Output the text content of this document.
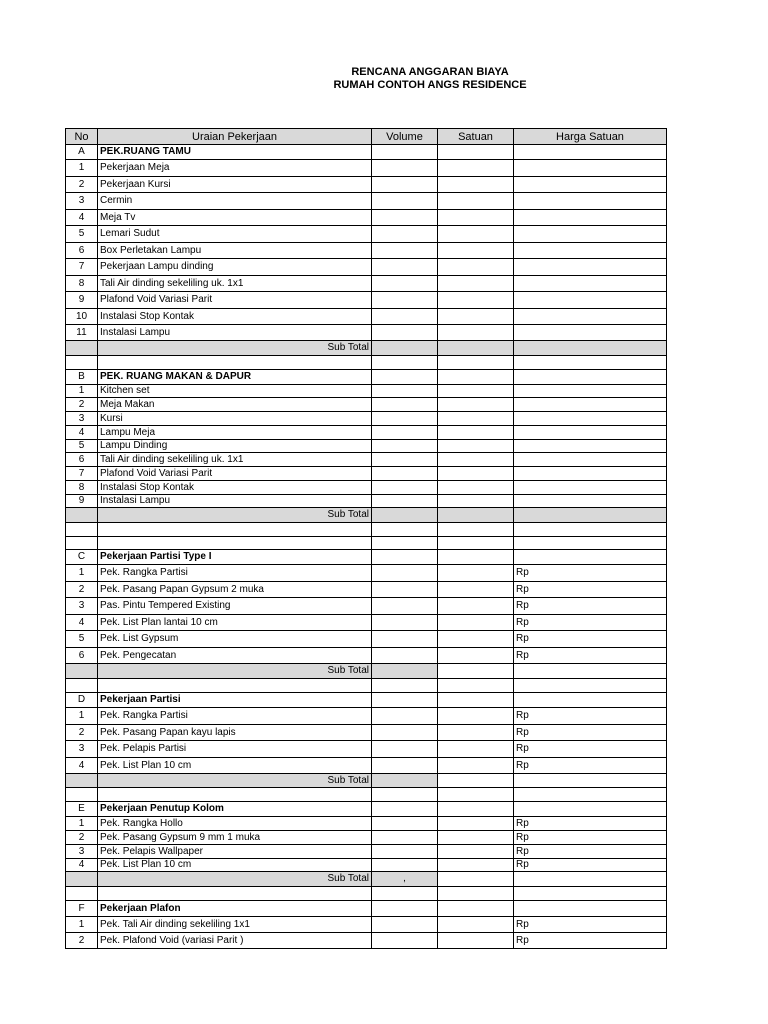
RENCANA ANGGARAN BIAYA
RUMAH CONTOH ANGS RESIDENCE
No	Uraian Pekerjaan	Volume	Satuan	Harga Satuan
A	PEK.RUANG TAMU			
1	Pekerjaan Meja			
2	Pekerjaan Kursi			
3	Cermin			
4	Meja Tv			
5	Lemari Sudut			
6	Box Perletakan Lampu			
7	Pekerjaan Lampu dinding			
8	Tali Air dinding sekeliling uk. 1x1			
9	Plafond Void Variasi Parit			
10	Instalasi Stop Kontak			
11	Instalasi Lampu			
	Sub Total			

B	PEK. RUANG MAKAN & DAPUR			
1	Kitchen set			
2	Meja Makan			
3	Kursi			
4	Lampu Meja			
5	Lampu Dinding			
6	Tali Air dinding sekeliling uk. 1x1			
7	Plafond Void Variasi Parit			
8	Instalasi Stop Kontak			
9	Instalasi Lampu			
	Sub Total			

C	Pekerjaan Partisi Type I			
1	Pek. Rangka Partisi			Rp
2	Pek. Pasang Papan Gypsum 2 muka			Rp
3	Pas. Pintu Tempered Existing			Rp
4	Pek. List Plan lantai 10 cm			Rp
5	Pek. List Gypsum			Rp
6	Pek. Pengecatan			Rp
	Sub Total			

D	Pekerjaan Partisi			
1	Pek. Rangka Partisi			Rp
2	Pek. Pasang Papan kayu lapis			Rp
3	Pek. Pelapis Partisi			Rp
4	Pek. List Plan 10 cm			Rp
	Sub Total			

E	Pekerjaan Penutup Kolom			
1	Pek. Rangka Hollo			Rp
2	Pek. Pasang Gypsum 9 mm 1 muka			Rp
3	Pek. Pelapis Wallpaper			Rp
4	Pek. List Plan 10 cm			Rp
	Sub Total	,		

F	Pekerjaan Plafon			
1	Pek. Tali Air dinding sekeliling 1x1			Rp
2	Pek. Plafond Void (variasi Parit )			Rp
